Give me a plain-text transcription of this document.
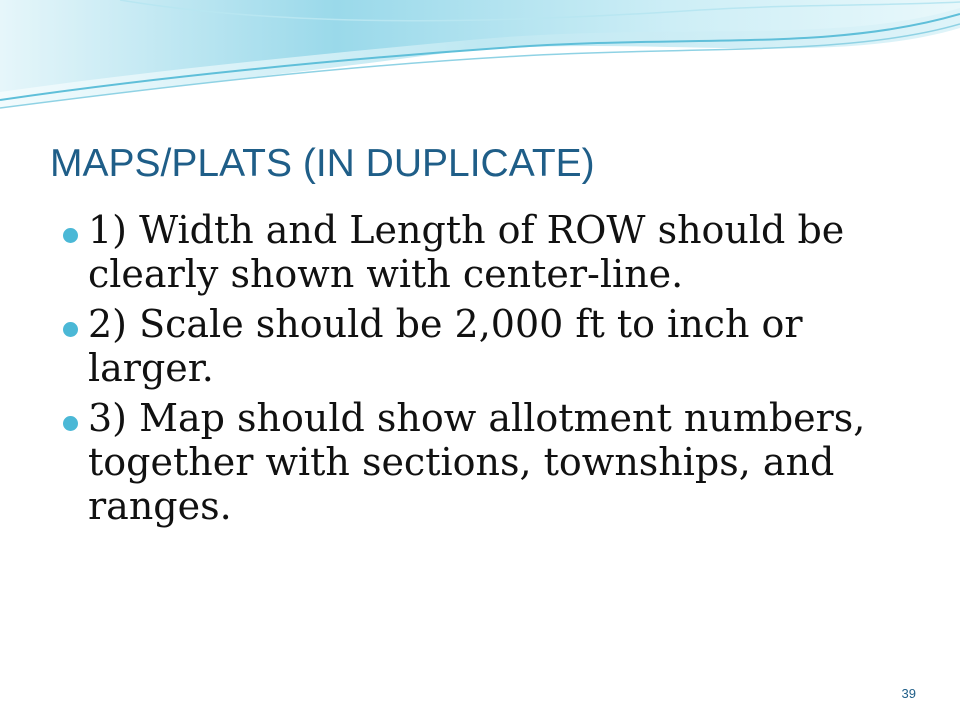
MAPS/PLATS (IN DUPLICATE)
1) Width and Length of ROW should be clearly shown with center-line.
2) Scale should be 2,000 ft to inch or larger.
3) Map should show allotment numbers, together with sections, townships, and ranges.
39
